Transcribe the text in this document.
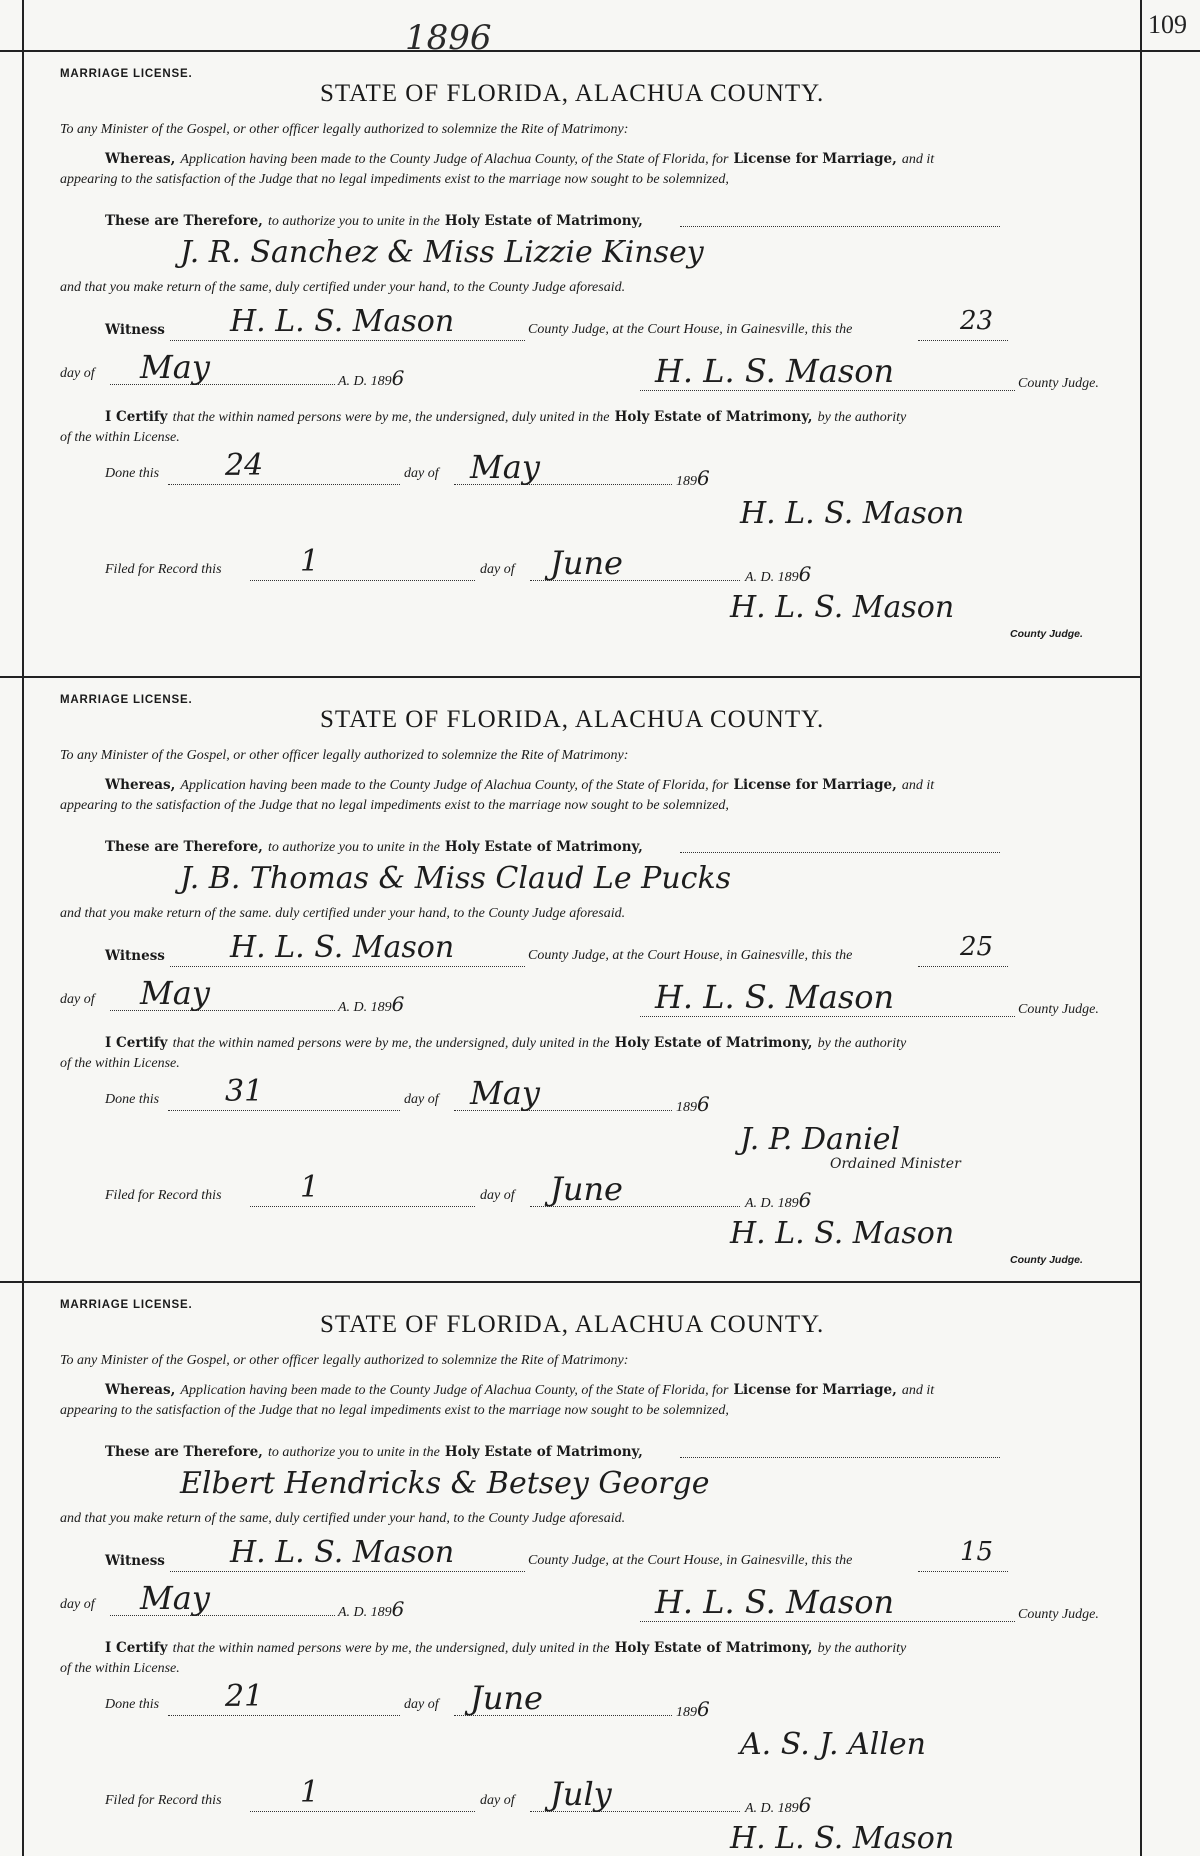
1896	109
MARRIAGE LICENSE.
STATE OF FLORIDA, ALACHUA COUNTY.
To any Minister of the Gospel, or other officer legally authorized to solemnize the Rite of Matrimony:
Whereas, Application having been made to the County Judge of Alachua County, of the State of Florida, for License for Marriage, and it
appearing to the satisfaction of the Judge that no legal impediments exist to the marriage now sought to be solemnized,
These are Therefore, to authorize you to unite in the Holy Estate of Matrimony,
J. R. Sanchez & Miss Lizzie Kinsey
and that you make return of the same, duly certified under your hand, to the County Judge aforesaid.
Witness H. L. S. Mason	County Judge, at the Court House, in Gainesville, this the	23
day of May	A. D. 1896	H. L. S. Mason	County Judge.
I Certify that the within named persons were by me, the undersigned, duly united in the Holy Estate of Matrimony, by the authority
of the within License.
Done this 24	day of May	1896
H. L. S. Mason
Filed for Record this	1	day of June	A. D. 1896
H. L. S. Mason
County Judge.
MARRIAGE LICENSE.
STATE OF FLORIDA, ALACHUA COUNTY.
To any Minister of the Gospel, or other officer legally authorized to solemnize the Rite of Matrimony:
Whereas, Application having been made to the County Judge of Alachua County, of the State of Florida, for License for Marriage, and it
appearing to the satisfaction of the Judge that no legal impediments exist to the marriage now sought to be solemnized,
These are Therefore, to authorize you to unite in the Holy Estate of Matrimony,
J. B. Thomas & Miss Claud Le Pucks
and that you make return of the same. duly certified under your hand, to the County Judge aforesaid.
Witness H. L. S. Mason	County Judge, at the Court House, in Gainesville, this the	25
day of May	A. D. 1896	H. L. S. Mason	County Judge.
I Certify that the within named persons were by me, the undersigned, duly united in the Holy Estate of Matrimony, by the authority
of the within License.
Done this 31	day of May	1896
J. P. Daniel
Ordained Minister
Filed for Record this	1	day of June	A. D. 1896
H. L. S. Mason
County Judge.
MARRIAGE LICENSE.
STATE OF FLORIDA, ALACHUA COUNTY.
To any Minister of the Gospel, or other officer legally authorized to solemnize the Rite of Matrimony:
Whereas, Application having been made to the County Judge of Alachua County, of the State of Florida, for License for Marriage, and it
appearing to the satisfaction of the Judge that no legal impediments exist to the marriage now sought to be solemnized,
These are Therefore, to authorize you to unite in the Holy Estate of Matrimony,
Elbert Hendricks & Betsey George
and that you make return of the same, duly certified under your hand, to the County Judge aforesaid.
Witness H. L. S. Mason	County Judge, at the Court House, in Gainesville, this the	15
day of May	A. D. 1896	H. L. S. Mason	County Judge.
I Certify that the within named persons were by me, the undersigned, duly united in the Holy Estate of Matrimony, by the authority
of the within License.
Done this 21	day of June	1896
A. S. J. Allen
Filed for Record this	1	day of July	A. D. 1896
H. L. S. Mason
